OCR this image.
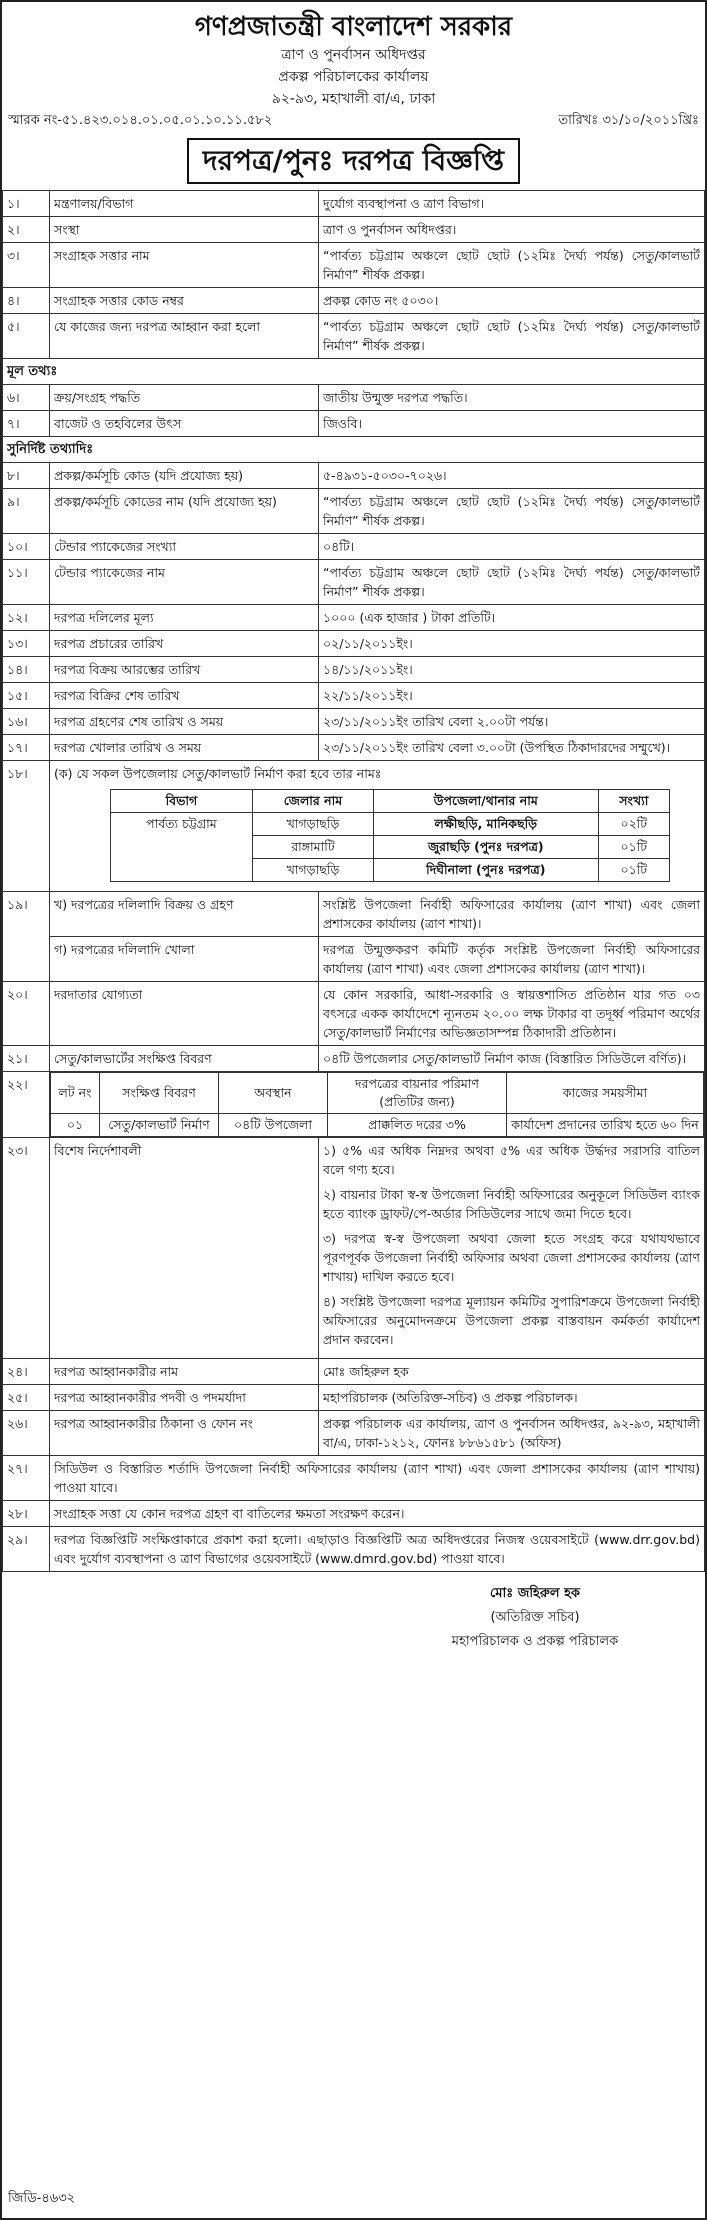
গণপ্রজাতন্ত্রী বাংলাদেশ সরকার
ত্রাণ ও পুনর্বাসন অধিদপ্তর
প্রকল্প পরিচালকের কার্যালয়
৯২-৯৩, মহাখালী বা/এ, ঢাকা
স্মারক নং-৫১.৪২৩.০১৪.০১.০৫.০১.১০.১১.৫৮২	তারিখঃ ৩১/১০/২০১১খ্রিঃ
দরপত্র/পুনঃ দরপত্র বিজ্ঞপ্তি
১।	মন্ত্রণালয়/বিভাগ	দুর্যোগ ব্যবস্থাপনা ও ত্রাণ বিভাগ।
২।	সংস্থা	ত্রাণ ও পুনর্বাসন অধিদপ্তর।
৩।	সংগ্রাহক সত্তার নাম	“পার্বত্য চট্টগ্রাম অঞ্চলে ছোট ছোট (১২মিঃ দৈর্ঘ্য পর্যন্ত) সেতু/কালভার্ট নির্মাণ” শীর্ষক প্রকল্প।
৪।	সংগ্রাহক সত্তার কোড নম্বর	প্রকল্প কোড নং ৫০৩০।
৫।	যে কাজের জন্য দরপত্র আহ্বান করা হলো	“পার্বত্য চট্টগ্রাম অঞ্চলে ছোট ছোট (১২মিঃ দৈর্ঘ্য পর্যন্ত) সেতু/কালভার্ট নির্মাণ” শীর্ষক প্রকল্প।
মূল তথ্যঃ
৬।	ক্রয়/সংগ্রহ পদ্ধতি	জাতীয় উন্মুক্ত দরপত্র পদ্ধতি।
৭।	বাজেট ও তহবিলের উৎস	জিওবি।
সুনির্দিষ্ট তথ্যাদিঃ
৮।	প্রকল্প/কর্মসূচি কোড (যদি প্রযোজ্য হয়)	৫-৪৯৩১-৫০৩০-৭০২৬।
৯।	প্রকল্প/কর্মসূচি কোডের নাম (যদি প্রযোজ্য হয়)	“পার্বত্য চট্টগ্রাম অঞ্চলে ছোট ছোট (১২মিঃ দৈর্ঘ্য পর্যন্ত) সেতু/কালভার্ট নির্মাণ” শীর্ষক প্রকল্প।
১০।	টেন্ডার প্যাকেজের সংখ্যা	০৪টি।
১১।	টেন্ডার প্যাকেজের নাম	“পার্বত্য চট্টগ্রাম অঞ্চলে ছোট ছোট (১২মিঃ দৈর্ঘ্য পর্যন্ত) সেতু/কালভার্ট নির্মাণ” শীর্ষক প্রকল্প।
১২।	দরপত্র দলিলের মূল্য	১০০০ (এক হাজার ) টাকা প্রতিটি।
১৩।	দরপত্র প্রচারের তারিখ	০২/১১/২০১১ইং।
১৪।	দরপত্র বিক্রয় আরম্ভের তারিখ	১৪/১১/২০১১ইং।
১৫।	দরপত্র বিক্রির শেষ তারিখ	২২/১১/২০১১ইং।
১৬।	দরপত্র গ্রহণের শেষ তারিখ ও সময়	২৩/১১/২০১১ইং তারিখ বেলা ২.০০টা পর্যন্ত।
১৭।	দরপত্র খোলার তারিখ ও সময়	২৩/১১/২০১১ইং তারিখ বেলা ৩.০০টা (উপস্থিত ঠিকাদারদের সম্মুখে)।
১৮।	(ক) যে সকল উপজেলায় সেতু/কালভার্ট নির্মাণ করা হবে তার নামঃ
বিভাগ	জেলার নাম	উপজেলা/থানার নাম	সংখ্যা
পার্বত্য চট্টগ্রাম	খাগড়াছড়ি	লক্ষীছড়ি, মানিকছড়ি	০২টি
রাঙ্গামাটি	জুরাছড়ি (পুনঃ দরপত্র)	০১টি
খাগড়াছড়ি	দিঘীনালা (পুনঃ দরপত্র)	০১টি

১৯।	খ) দরপত্রের দলিলাদি বিক্রয় ও গ্রহণ	সংশ্লিষ্ট উপজেলা নির্বাহী অফিসারের কার্যালয় (ত্রাণ শাখা) এবং জেলা প্রশাসকের কার্যালয় (ত্রাণ শাখা)।
গ) দরপত্রের দলিলাদি খোলা	দরপত্র উন্মুক্তকরণ কমিটি কর্তৃক সংশ্লিষ্ট উপজেলা নির্বাহী অফিসারের কার্যালয় (ত্রাণ শাখা) এবং জেলা প্রশাসকের কার্যালয় (ত্রাণ শাখা)।
২০।	দরদাতার যোগ্যতা	যে কোন সরকারি, আধা-সরকারি ও স্বায়ত্তশাসিত প্রতিষ্ঠান যার গত ০৩ বৎসরে একক কার্যাদেশে ন্যূনতম ২০.০০ লক্ষ টাকার বা তদূর্ধ্ব পরিমাণ অর্থের সেতু/কালভার্ট নির্মাণের অভিজ্ঞতাসম্পন্ন ঠিকাদারী প্রতিষ্ঠান।
২১।	সেতু/কালভার্টের সংক্ষিপ্ত বিবরণ	০৪টি উপজেলার সেতু/কালভার্ট নির্মাণ কাজ (বিস্তারিত সিডিউলে বর্ণিত)।
২২।	
লট নং	সংক্ষিপ্ত বিবরণ	অবস্থান	দরপত্রের বায়নার পরিমাণ (প্রতিটির জন্য)	কাজের সময়সীমা
০১	সেতু/কালভার্ট নির্মাণ	০৪টি উপজেলা	প্রাক্কলিত দরের ৩%	কার্যাদেশ প্রদানের তারিখ হতে ৬০ দিন

২৩।	বিশেষ নির্দেশাবলী	১) ৫% এর অধিক নিম্নদর অথবা ৫% এর অধিক উর্দ্ধদর সরাসরি বাতিল বলে গণ্য হবে।

২) বায়নার টাকা স্ব-স্ব উপজেলা নির্বাহী অফিসারের অনুকূলে সিডিউল ব্যাংক হতে ব্যাংক ড্রাফট/পে-অর্ডার সিডিউলের সাথে জমা দিতে হবে।

৩) দরপত্র স্ব-স্ব উপজেলা অথবা জেলা হতে সংগ্রহ করে যথাযথভাবে পূরণপূর্বক উপজেলা নির্বাহী অফিসার অথবা জেলা প্রশাসকের কার্যালয় (ত্রাণ শাখায়) দাখিল করতে হবে।

৪) সংশ্লিষ্ট উপজেলা দরপত্র মূল্যায়ন কমিটির সুপারিশক্রমে উপজেলা নির্বাহী অফিসারের অনুমোদনক্রমে উপজেলা প্রকল্প বাস্তবায়ন কর্মকর্তা কার্যাদেশ প্রদান করবেন।

২৪।	দরপত্র আহ্বানকারীর নাম	মোঃ জহিরুল হক
২৫।	দরপত্র আহ্বানকারীর পদবী ও পদমর্যাদা	মহাপরিচালক (অতিরিক্ত-সচিব) ও প্রকল্প পরিচালক।
২৬।	দরপত্র আহ্বানকারীর ঠিকানা ও ফোন নং	প্রকল্প পরিচালক এর কার্যালয়, ত্রাণ ও পুনর্বাসন অধিদপ্তর, ৯২-৯৩, মহাখালী বা/এ, ঢাকা-১২১২, ফোনঃ ৮৮৬১৫৮১ (অফিস)
২৭।	সিডিউল ও বিস্তারিত শর্তাদি উপজেলা নির্বাহী অফিসারের কার্যালয় (ত্রাণ শাখা) এবং জেলা প্রশাসকের কার্যালয় (ত্রাণ শাখায়) পাওয়া যাবে।
২৮।	সংগ্রাহক সত্তা যে কোন দরপত্র গ্রহণ বা বাতিলের ক্ষমতা সংরক্ষণ করেন।
২৯।	দরপত্র বিজ্ঞপ্তিটি সংক্ষিপ্তাকারে প্রকাশ করা হলো। এছাড়াও বিজ্ঞপ্তিটি অত্র অধিদপ্তরের নিজস্ব ওয়েবসাইটে (www.drr.gov.bd) এবং দুর্যোগ ব্যবস্থাপনা ও ত্রাণ বিভাগের ওয়েবসাইটে (www.dmrd.gov.bd) পাওয়া যাবে।
মোঃ জহিরুল হক
(অতিরিক্ত সচিব)
মহাপরিচালক ও প্রকল্প পরিচালক
জিডি-৪৬৩২
